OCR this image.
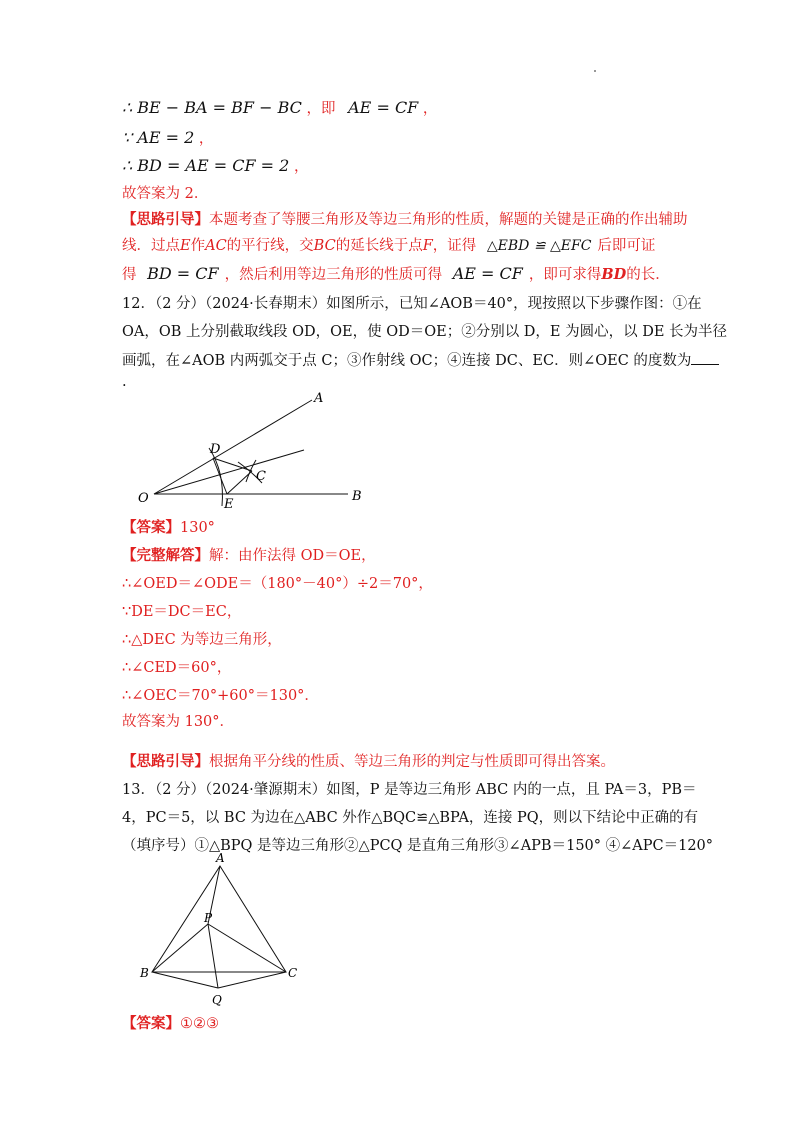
∴ BE − BA = BF − BC ，即 AE = CF ，
∵ AE = 2 ，
∴ BD = AE = CF = 2 ，
故答案为 2．
【思路引导】本题考查了等腰三角形及等边三角形的性质，解题的关键是正确的作出辅助
线．过点E作AC的平行线，交BC的延长线于点F，证得 △EBD ≌ △EFC 后即可证
得 BD = CF ，然后利用等边三角形的性质可得 AE = CF ，即可求得BD的长．
12．（2 分）（2024·长春期末）如图所示，已知∠AOB＝40°，现按照以下步骤作图：①在
OA，OB 上分别截取线段 OD，OE，使 OD＝OE；②分别以 D，E 为圆心，以 DE 长为半径
画弧，在∠AOB 内两弧交于点 C；③作射线 OC；④连接 DC、EC．则∠OEC 的度数为
.
A
B
O
D
E
C
【答案】130°
【完整解答】解：由作法得 OD＝OE，
∴∠OED＝∠ODE＝（180°－40°）÷2＝70°，
∵DE＝DC＝EC，
∴△DEC 为等边三角形，
∴∠CED＝60°，
∴∠OEC＝70°+60°＝130°．
故答案为 130°．
【思路引导】根据角平分线的性质、等边三角形的判定与性质即可得出答案。
13．（2 分）（2024·肇源期末）如图，P 是等边三角形 ABC 内的一点，且 PA＝3，PB＝
4，PC＝5，以 BC 为边在△ABC 外作△BQC≌△BPA，连接 PQ，则以下结论中正确的有
（填序号）①△BPQ 是等边三角形②△PCQ 是直角三角形③∠APB＝150° ④∠APC＝120°
A
P
B	C
Q
【答案】①②③
